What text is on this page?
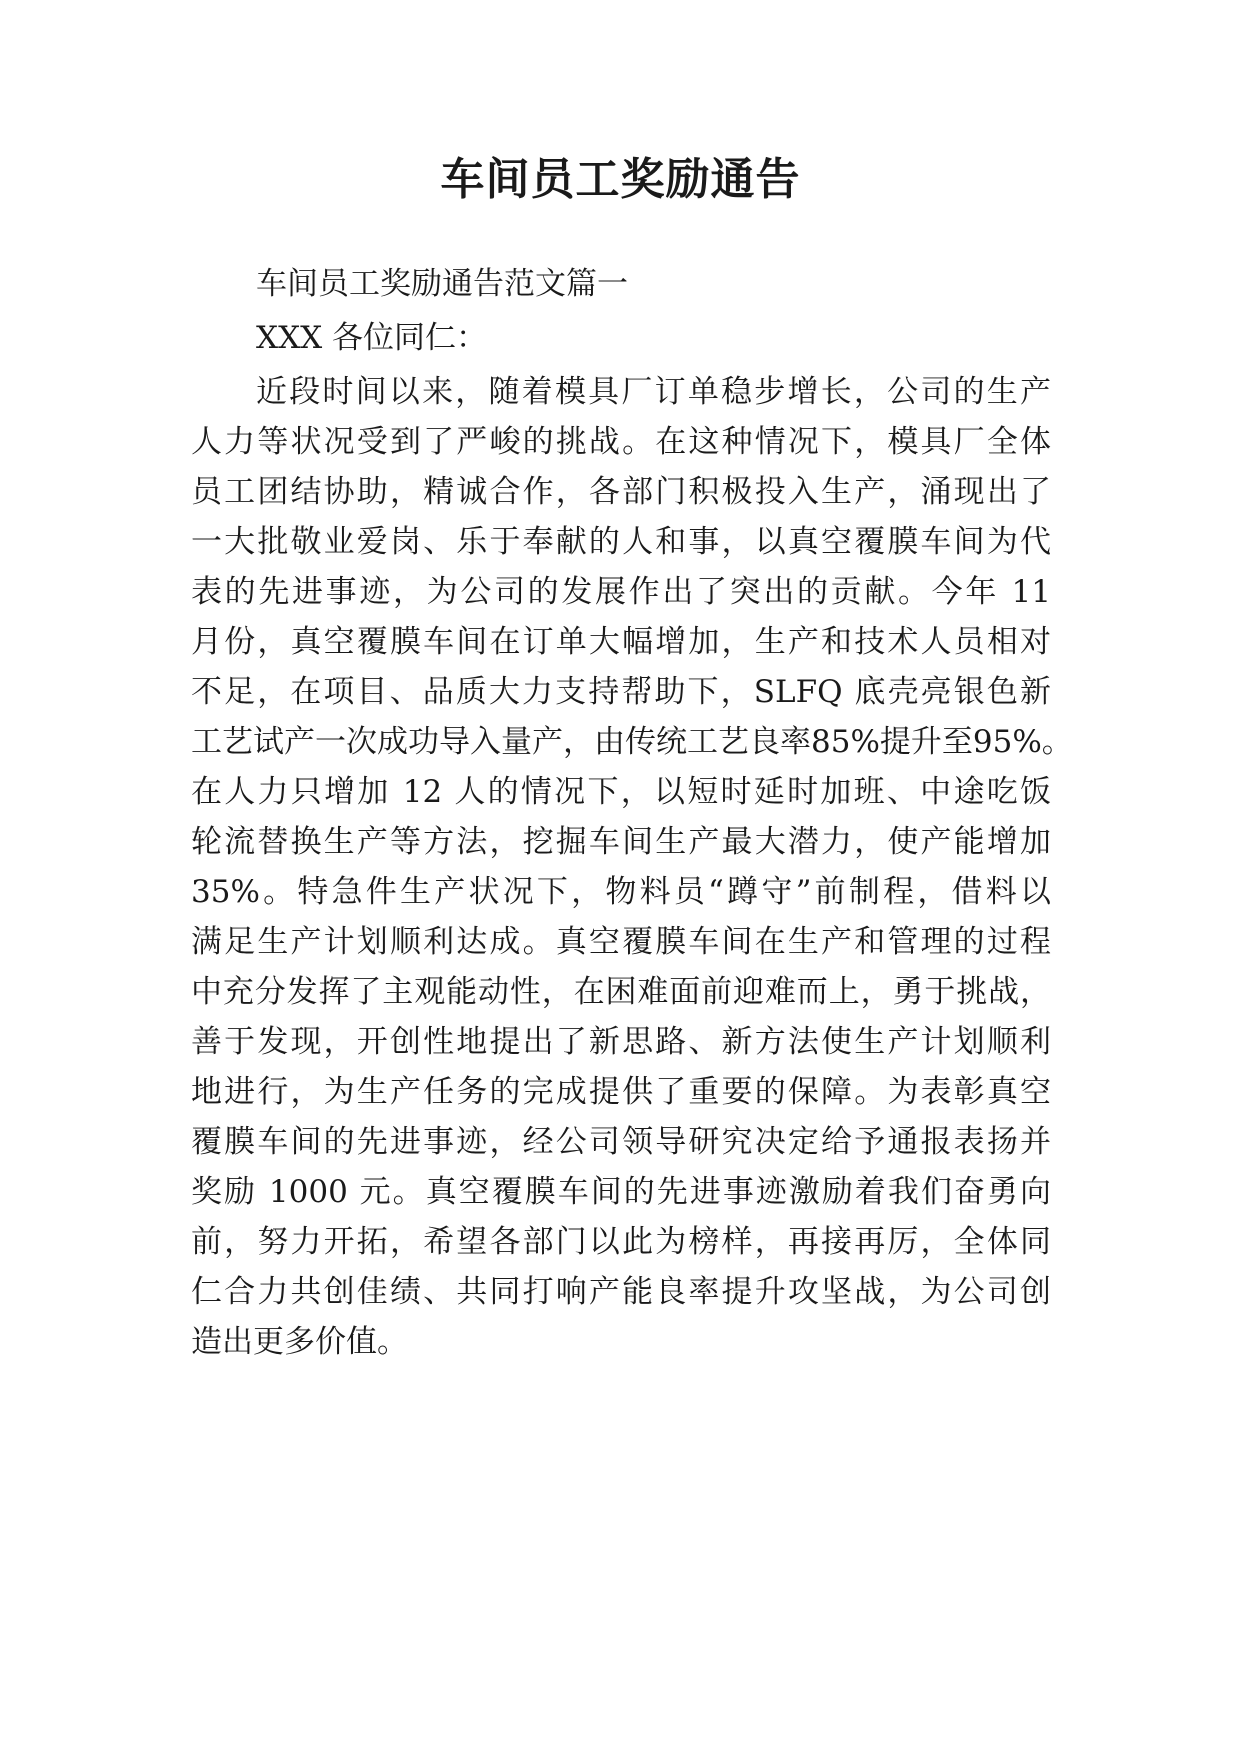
车间员工奖励通告

车间员工奖励通告范文篇一

XXX 各位同仁：

近段时间以来，随着模具厂订单稳步增长，公司的生产

人力等状况受到了严峻的挑战。在这种情况下，模具厂全体

员工团结协助，精诚合作，各部门积极投入生产，涌现出了

一大批敬业爱岗、乐于奉献的人和事，以真空覆膜车间为代

表的先进事迹，为公司的发展作出了突出的贡献。今年 11

月份，真空覆膜车间在订单大幅增加，生产和技术人员相对

不足，在项目、品质大力支持帮助下，SLFQ 底壳亮银色新

工艺试产一次成功导入量产，由传统工艺良率85%提升至95%。

在人力只增加 12 人的情况下，以短时延时加班、中途吃饭

轮流替换生产等方法，挖掘车间生产最大潜力，使产能增加

35%。特急件生产状况下，物料员“蹲守”前制程，借料以

满足生产计划顺利达成。真空覆膜车间在生产和管理的过程

中充分发挥了主观能动性，在困难面前迎难而上，勇于挑战，

善于发现，开创性地提出了新思路、新方法使生产计划顺利

地进行，为生产任务的完成提供了重要的保障。为表彰真空

覆膜车间的先进事迹，经公司领导研究决定给予通报表扬并

奖励 1000 元。真空覆膜车间的先进事迹激励着我们奋勇向

前，努力开拓，希望各部门以此为榜样，再接再厉，全体同

仁合力共创佳绩、共同打响产能良率提升攻坚战，为公司创

造出更多价值。
